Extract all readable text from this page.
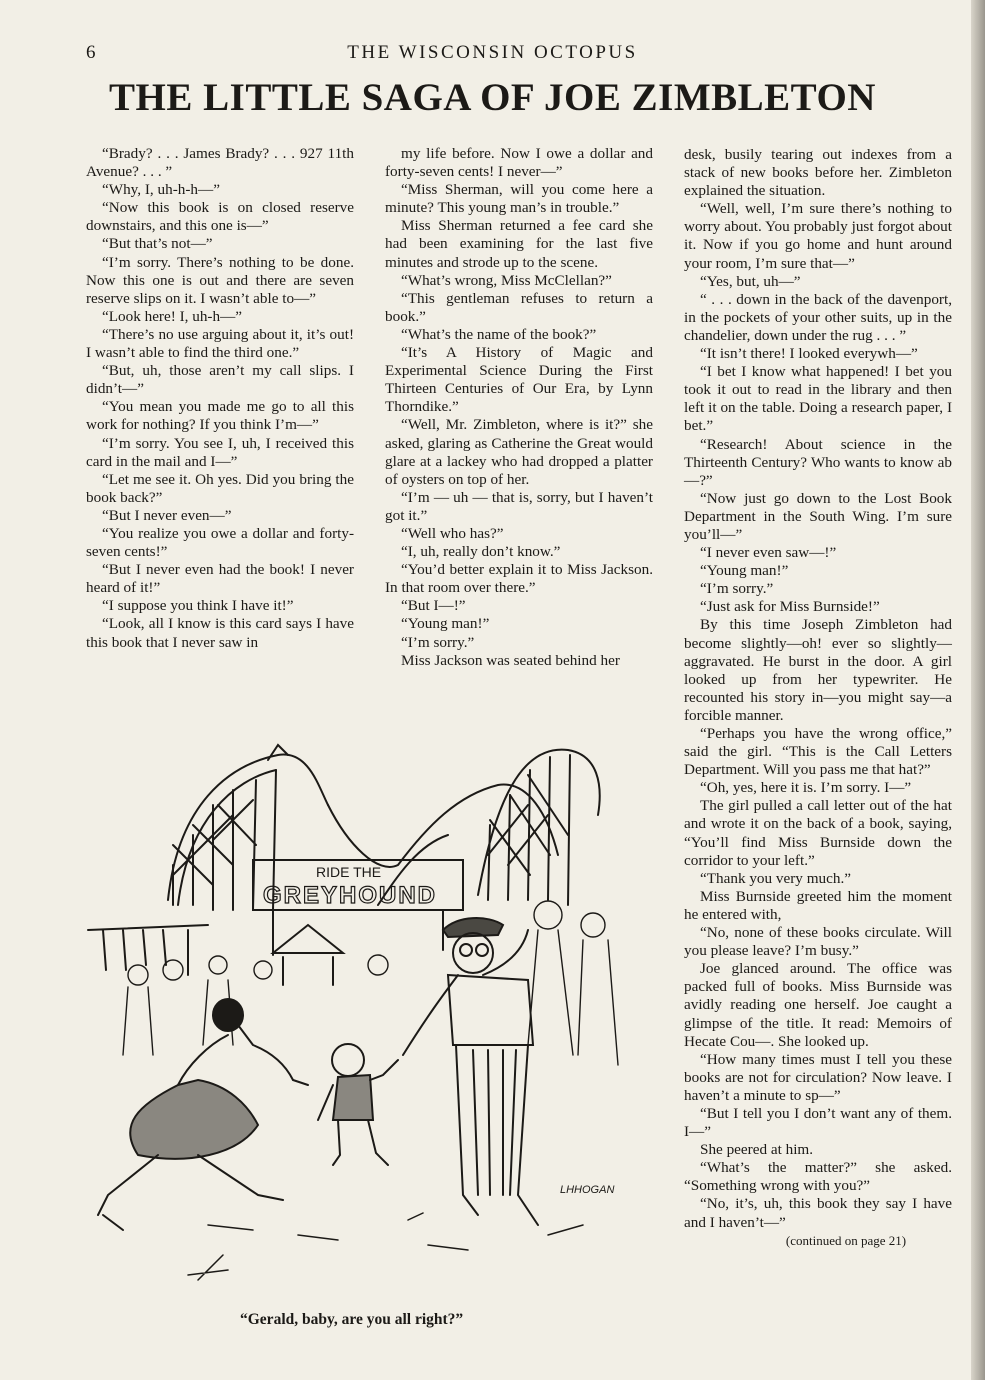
6	THE WISCONSIN OCTOPUS
THE LITTLE SAGA OF JOE ZIMBLETON

“Brady? . . . James Brady? . . . 927 11th Avenue? . . . ”

“Why, I, uh-h-h—”

“Now this book is on closed reserve downstairs, and this one is—”

“But that’s not—”

“I’m sorry. There’s nothing to be done. Now this one is out and there are seven reserve slips on it. I wasn’t able to—”

“Look here! I, uh-h—”

“There’s no use arguing about it, it’s out! I wasn’t able to find the third one.”

“But, uh, those aren’t my call slips. I didn’t—”

“You mean you made me go to all this work for nothing? If you think I’m—”

“I’m sorry. You see I, uh, I received this card in the mail and I—”

“Let me see it. Oh yes. Did you bring the book back?”

“But I never even—”

“You realize you owe a dollar and forty-seven cents!”

“But I never even had the book! I never heard of it!”

“I suppose you think I have it!”

“Look, all I know is this card says I have this book that I never saw in

my life before. Now I owe a dollar and forty-seven cents! I never—”

“Miss Sherman, will you come here a minute? This young man’s in trouble.”

Miss Sherman returned a fee card she had been examining for the last five minutes and strode up to the scene.

“What’s wrong, Miss McClellan?”

“This gentleman refuses to return a book.”

“What’s the name of the book?”

“It’s A History of Magic and Experimental Science During the First Thirteen Centuries of Our Era, by Lynn Thorndike.”

“Well, Mr. Zimbleton, where is it?” she asked, glaring as Catherine the Great would glare at a lackey who had dropped a platter of oysters on top of her.

“I’m — uh — that is, sorry, but I haven’t got it.”

“Well who has?”

“I, uh, really don’t know.”

“You’d better explain it to Miss Jackson. In that room over there.”

“But I—!”

“Young man!”

“I’m sorry.”

Miss Jackson was seated behind her

desk, busily tearing out indexes from a stack of new books before her. Zimbleton explained the situation.

“Well, well, I’m sure there’s nothing to worry about. You probably just forgot about it. Now if you go home and hunt around your room, I’m sure that—”

“Yes, but, uh—”

“ . . . down in the back of the davenport, in the pockets of your other suits, up in the chandelier, down under the rug . . . ”

“It isn’t there! I looked everywh—”

“I bet I know what happened! I bet you took it out to read in the library and then left it on the table. Doing a research paper, I bet.”

“Research! About science in the Thirteenth Century? Who wants to know ab—?”

“Now just go down to the Lost Book Department in the South Wing. I’m sure you’ll—”

“I never even saw—!”

“Young man!”

“I’m sorry.”

“Just ask for Miss Burnside!”

By this time Joseph Zimbleton had become slightly—oh! ever so slightly—aggravated. He burst in the door. A girl looked up from her typewriter. He recounted his story in—you might say—a forcible manner.

“Perhaps you have the wrong office,” said the girl. “This is the Call Letters Department. Will you pass me that hat?”

“Oh, yes, here it is. I’m sorry. I—”

The girl pulled a call letter out of the hat and wrote it on the back of a book, saying, “You’ll find Miss Burnside down the corridor to your left.”

“Thank you very much.”

Miss Burnside greeted him the moment he entered with,

“No, none of these books circulate. Will you please leave? I’m busy.”

Joe glanced around. The office was packed full of books. Miss Burnside was avidly reading one herself. Joe caught a glimpse of the title. It read: Memoirs of Hecate Cou—. She looked up.

“How many times must I tell you these books are not for circulation? Now leave. I haven’t a minute to sp—”

“But I tell you I don’t want any of them. I—”

She peered at him.

“What’s the matter?” she asked. “Something wrong with you?”

“No, it’s, uh, this book they say I have and I haven’t—”

(continued on page 21)

RIDE THE
GREYHOUND
LHHOGAN
“Gerald, baby, are you all right?”
